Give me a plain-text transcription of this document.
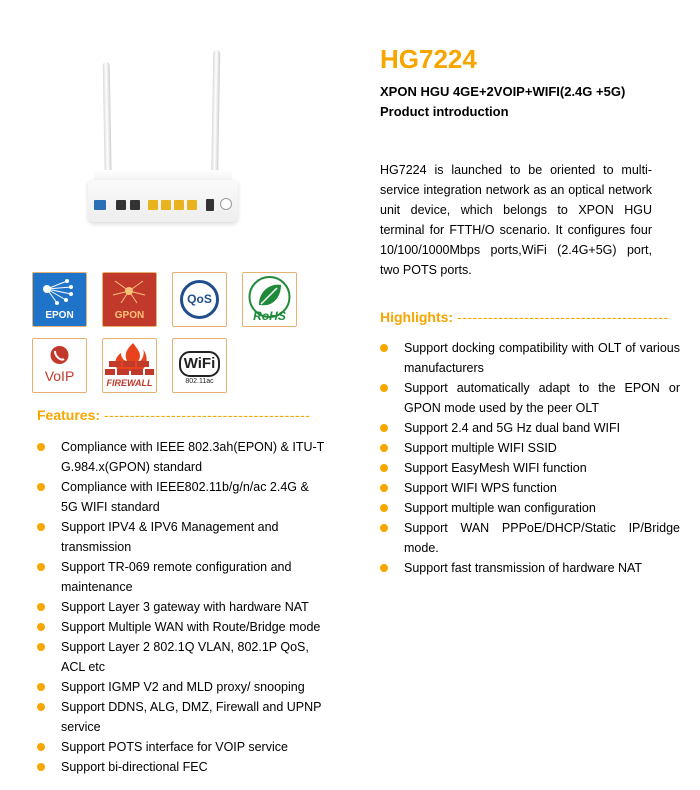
HG7224
XPON HGU 4GE+2VOIP+WIFI(2.4G +5G)
Product introduction
HG7224 is launched to be oriented to multi-service integration network as an optical network unit device, which belongs to XPON HGU terminal for FTTH/O scenario. It configures four 10/100/1000Mbps ports,WiFi (2.4G+5G) port, two POTS ports.
EPON	GPON
QoS
RoHS
VoIP	FIREWALL
WiFi
802.11ac
Features: ----------------------------------------
Compliance with IEEE 802.3ah(EPON) & ITU-T G.984.x(GPON) standard
Compliance with IEEE802.11b/g/n/ac 2.4G & 5G WIFI standard
Support IPV4 & IPV6 Management and transmission
Support TR-069 remote configuration and maintenance
Support Layer 3 gateway with hardware NAT
Support Multiple WAN with Route/Bridge mode
Support Layer 2 802.1Q VLAN, 802.1P QoS, ACL etc
Support IGMP V2 and MLD proxy/ snooping
Support DDNS, ALG, DMZ, Firewall and UPNP service
Support POTS interface for VOIP service
Support bi-directional FEC
Highlights: -----------------------------------------
Support docking compatibility with OLT of various manufacturers
Support automatically adapt to the EPON or GPON mode used by the peer OLT
Support 2.4 and 5G Hz dual band WIFI
Support multiple WIFI SSID
Support EasyMesh WIFI function
Support WIFI WPS function
Support multiple wan configuration
Support WAN PPPoE/DHCP/Static IP/Bridge mode.
Support fast transmission of hardware NAT
